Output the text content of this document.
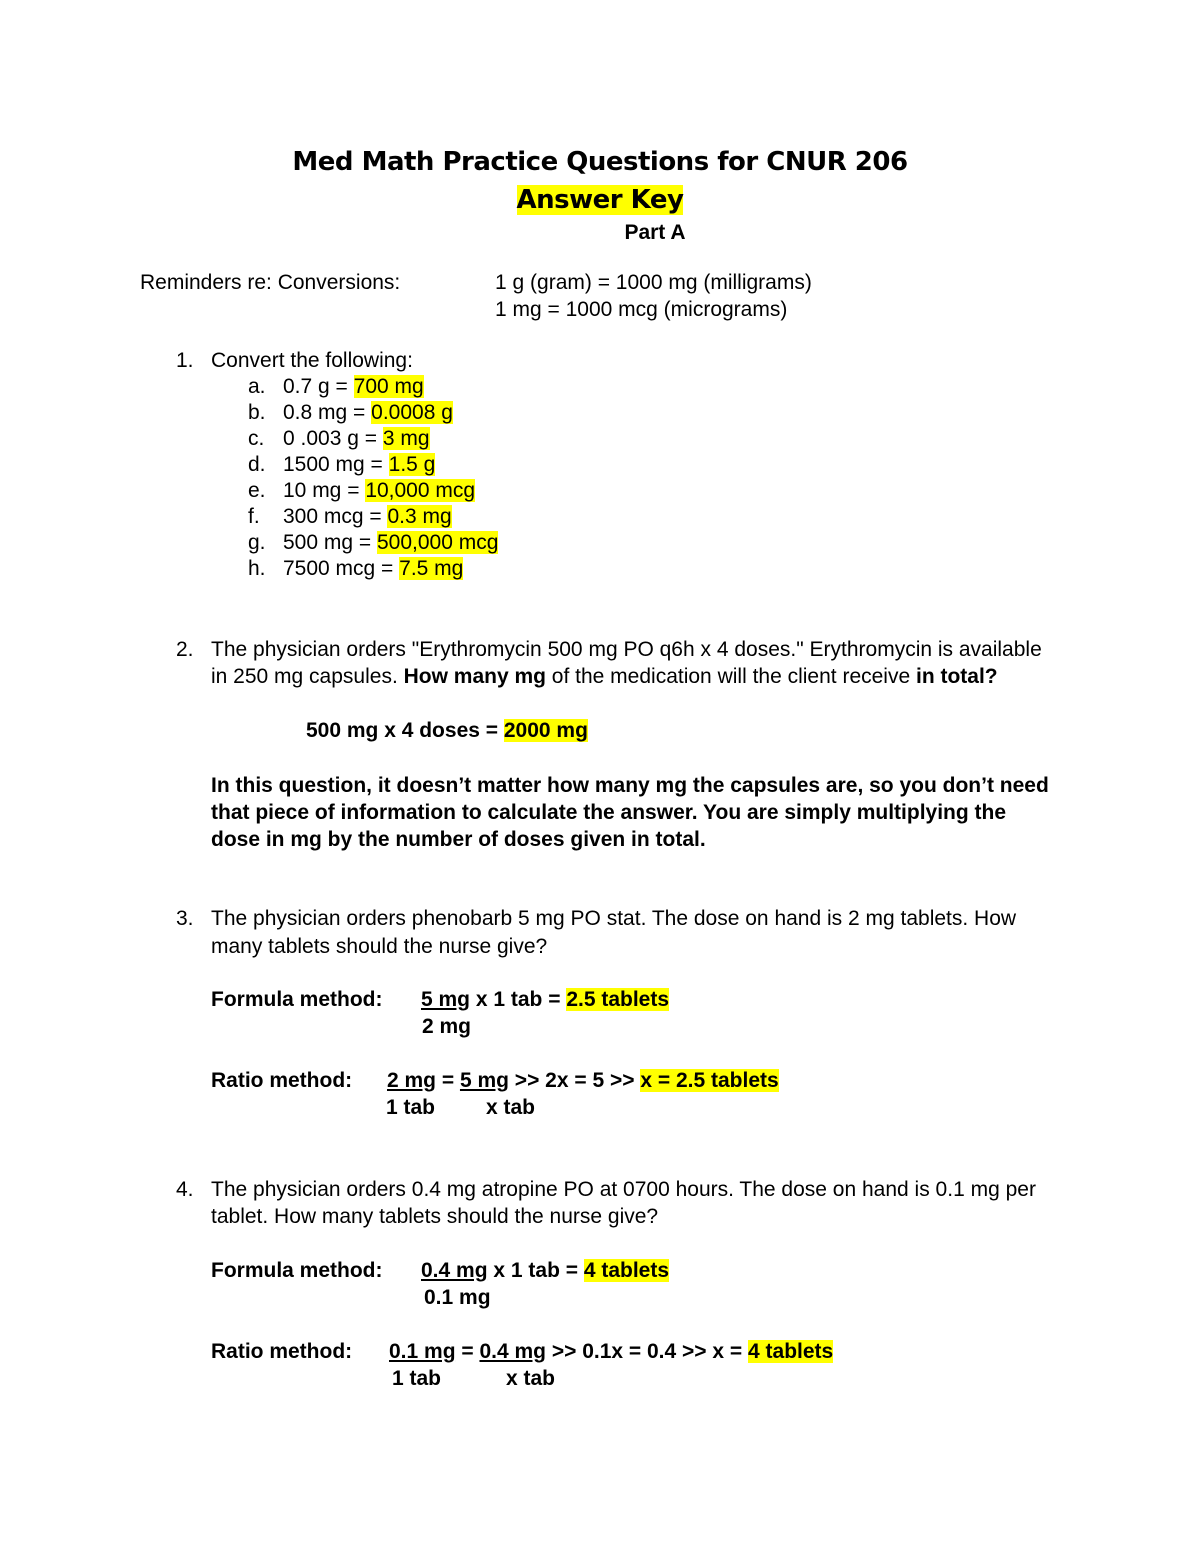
Med Math Practice Questions for CNUR 206
Answer Key
Part A
Reminders re: Conversions:	1 g (gram) = 1000 mg (milligrams)
1 mg = 1000 mcg (micrograms)
1. Convert the following:
a. 0.7 g = 700 mg
b. 0.8 mg = 0.0008 g
c. 0 .003 g = 3 mg
d. 1500 mg = 1.5 g
e. 10 mg = 10,000 mcg
f. 300 mcg = 0.3 mg
g. 500 mg = 500,000 mcg
h. 7500 mcg = 7.5 mg
2. The physician orders "Erythromycin 500 mg PO q6h x 4 doses." Erythromycin is available
in 250 mg capsules. How many mg of the medication will the client receive in total?
500 mg x 4 doses = 2000 mg
In this question, it doesn’t matter how many mg the capsules are, so you don’t need
that piece of information to calculate the answer. You are simply multiplying the
dose in mg by the number of doses given in total.
3. The physician orders phenobarb 5 mg PO stat. The dose on hand is 2 mg tablets. How
many tablets should the nurse give?
Formula method: 5 mg x 1 tab = 2.5 tablets
2 mg
Ratio method: 2 mg = 5 mg >> 2x = 5 >> x = 2.5 tablets
1 tab x tab
4. The physician orders 0.4 mg atropine PO at 0700 hours. The dose on hand is 0.1 mg per
tablet. How many tablets should the nurse give?
Formula method: 0.4 mg x 1 tab = 4 tablets
0.1 mg
Ratio method: 0.1 mg = 0.4 mg >> 0.1x = 0.4 >> x = 4 tablets
1 tab	x tab
